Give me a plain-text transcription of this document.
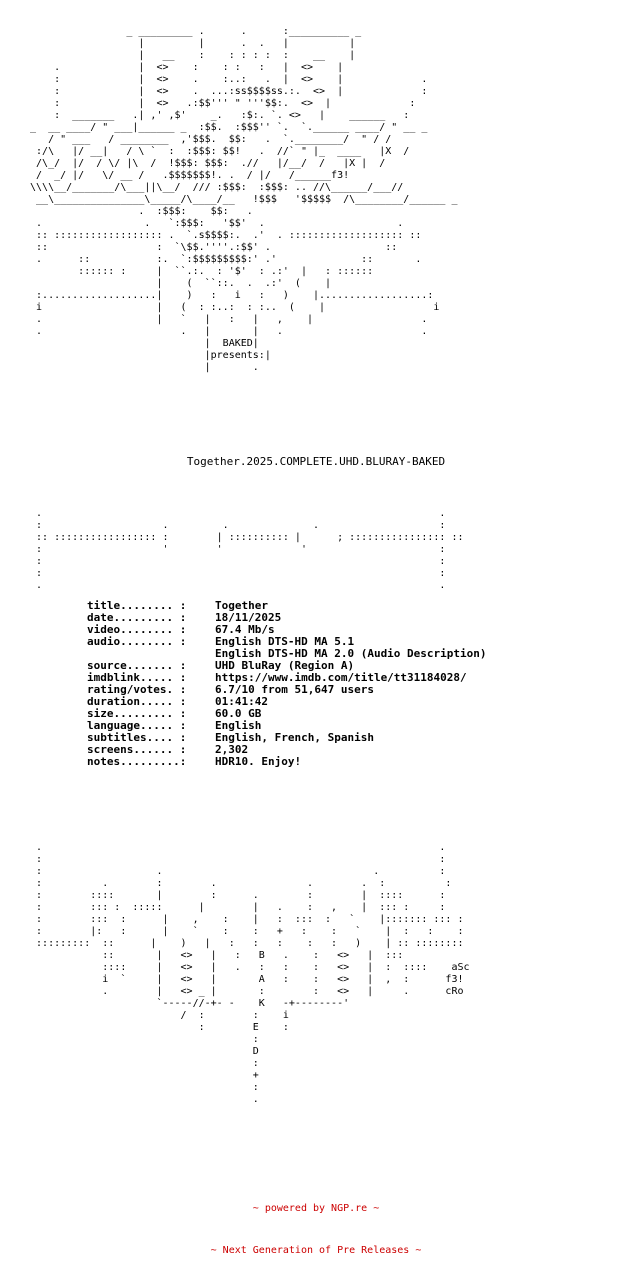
_ _________ .      .      :__________ _
|         |      .  .   |          |
|   __    :    : : : :  :    __    |
.             |  <>    :    : :   :   |  <>    |
:             |  <>    .    :..:   .  |  <>    |             .
:             |  <>    .  ...:ss$$$$ss.:.  <>  |             :
:             |  <>   .:$$''' " '''$$:.  <>  |             :
:  _______   .| ,' ,$'    _.   :$:. `. <>   |    ______   :
_  __ ____/ " ___|______ _  :$$.  :$$$'' `.  `.______ ____/ " __ _
/ " ___   / ________  ,'$$$.  $$:   .  `.________/  " / /
:/\   |/ __|   / \ `  :  :$$$: $$!   .  //` " |_  ____   |X  /
/\_/  |/  / \/ |\  /  !$$$: $$$:  .//   |/__/  /   |X |  /
/  _/ |/   \/ __ /   .$$$$$$$!. .  / |/   /______f3!
\\\\__/_______/\___||\__/  /// :$$$:  :$$$: .. //\______/___//
__\_______________\_____/\____/__   !$$$   '$$$$$  /\________/______ _
.  :$$$:    $$:   .
.                 .   `:$$$:   '$$'  .                      .
:: :::::::::::::::::: .  `.s$$$$:.  .'  . ::::::::::::::::::: ::
::                  :  `\$$.''''.:$$' .                   ::
.      ::           :.  `:$$$$$$$$$:' .'              ::       .
:::::: :     |  ``.:.  : '$'  : .:'  |   : ::::::
|    (  ``::.  .  .:'  (    |
:...................|    )   :   i   :   )    |..................:
i                   |   (  : :..:  : :..  (    |                  i
.                   |   `   |   :   |   ,    |                  .
.                       .   |       |   .                       .
|  BAKED|
|presents:|
|       .
Together.2025.COMPLETE.UHD.BLURAY-BAKED
.                                                                  .
:                    .         .              .                    :
:: ::::::::::::::::: :        | :::::::::: |      ; :::::::::::::::: ::
:                    '        '             '                      :
:                                                                  :
:                                                                  :
.                                                                  .
title........ :	Together
date......... :	18/11/2025
video........ :	67.4 Mb/s
audio........ :	English DTS-HD MA 5.1
English DTS-HD MA 2.0 (Audio Description)
source....... :	UHD BluRay (Region A)
imdblink..... :	https://www.imdb.com/title/tt31184028/
rating/votes. :	6.7/10 from 51,647 users
duration..... :	01:41:42
size......... :	60.0 GB
language..... :	English
subtitles.... :	English, French, Spanish
screens...... :	2,302
notes.........:	HDR10. Enjoy!
.                                                                  .
:                                                                  :
:                   .                                   .          :
:          .        :        .               .        .  :          :
:        ::::       |        :      .        :        |  ::::      :
:        ::: :  :::::      |        |   .    :   ,    |  ::: :     :
:        :::  :      |    ,    :    |   :  :::  :   `    |::::::: ::: :
:        |:   :      |    `    :    :   +   :    :   `    |  :   :    :
:::::::::  ::      |    )   |   :   :   :    :   :   )    | :: ::::::::
::       |   <>   |   :   B   .    :   <>   |  :::
::::     |   <>   |   .   :   :    :   <>   |  :  ::::    aSc
i  `     |   <>   |       A   :    :   <>   |  ,  :      f3!
.        |   <> _ |       :        :   <>   |     .      cRo
`-----//-+- -    K   -+--------'
/  :        :    i
:        E    :
:
D
:
+
:
.

~ powered by NGP.re ~

~ Next Generation of Pre Releases ~
